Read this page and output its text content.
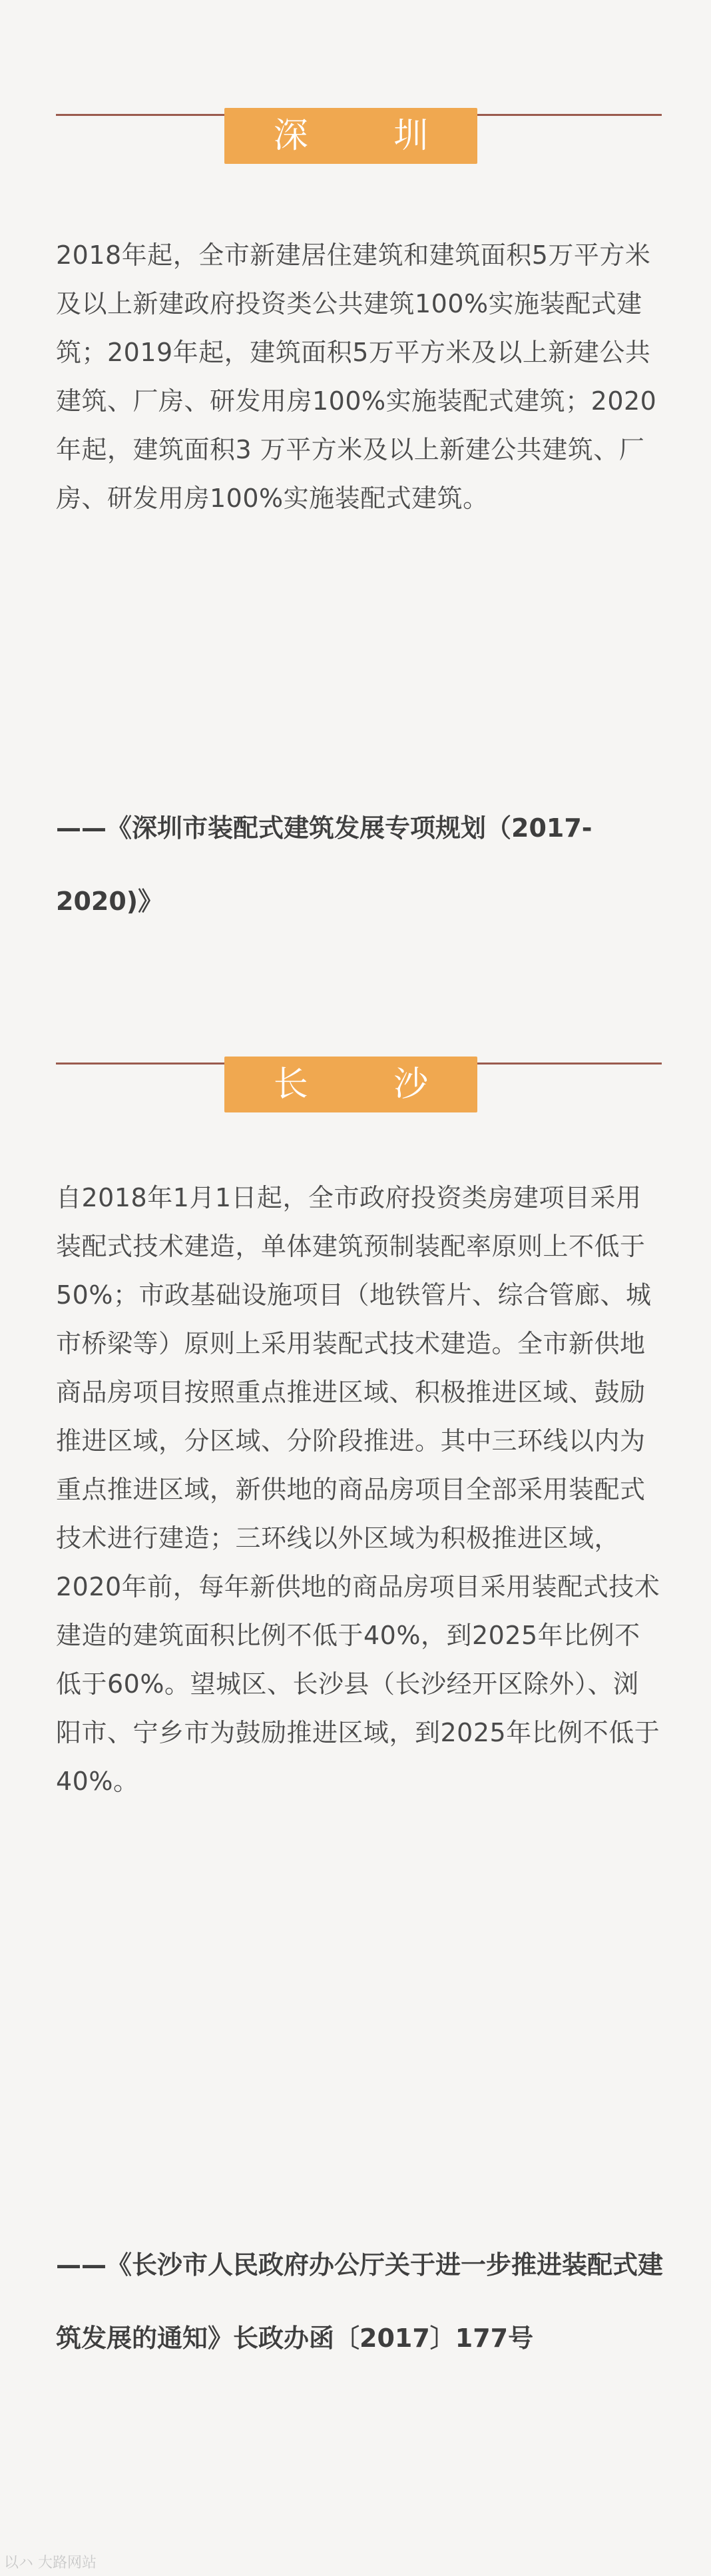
深 圳
2018年起，全市新建居住建筑和建筑面积5万平方米及以上新建政府投资类公共建筑100%实施装配式建筑；2019年起，建筑面积5万平方米及以上新建公共建筑、厂房、研发用房100%实施装配式建筑；2020年起，建筑面积3 万平方米及以上新建公共建筑、厂房、研发用房100%实施装配式建筑。
——《深圳市装配式建筑发展专项规划（2017-2020)》
长 沙
自2018年1月1日起，全市政府投资类房建项目采用装配式技术建造，单体建筑预制装配率原则上不低于50%；市政基础设施项目（地铁管片、综合管廊、城市桥梁等）原则上采用装配式技术建造。全市新供地商品房项目按照重点推进区域、积极推进区域、鼓励推进区域，分区域、分阶段推进。其中三环线以内为重点推进区域，新供地的商品房项目全部采用装配式技术进行建造；三环线以外区域为积极推进区域，2020年前，每年新供地的商品房项目采用装配式技术建造的建筑面积比例不低于40%，到2025年比例不低于60%。望城区、长沙县（长沙经开区除外）、浏阳市、宁乡市为鼓励推进区域，到2025年比例不低于40%。
——《长沙市人民政府办公厅关于进一步推进装配式建筑发展的通知》长政办函〔2017〕177号
以ハ 大路网站
